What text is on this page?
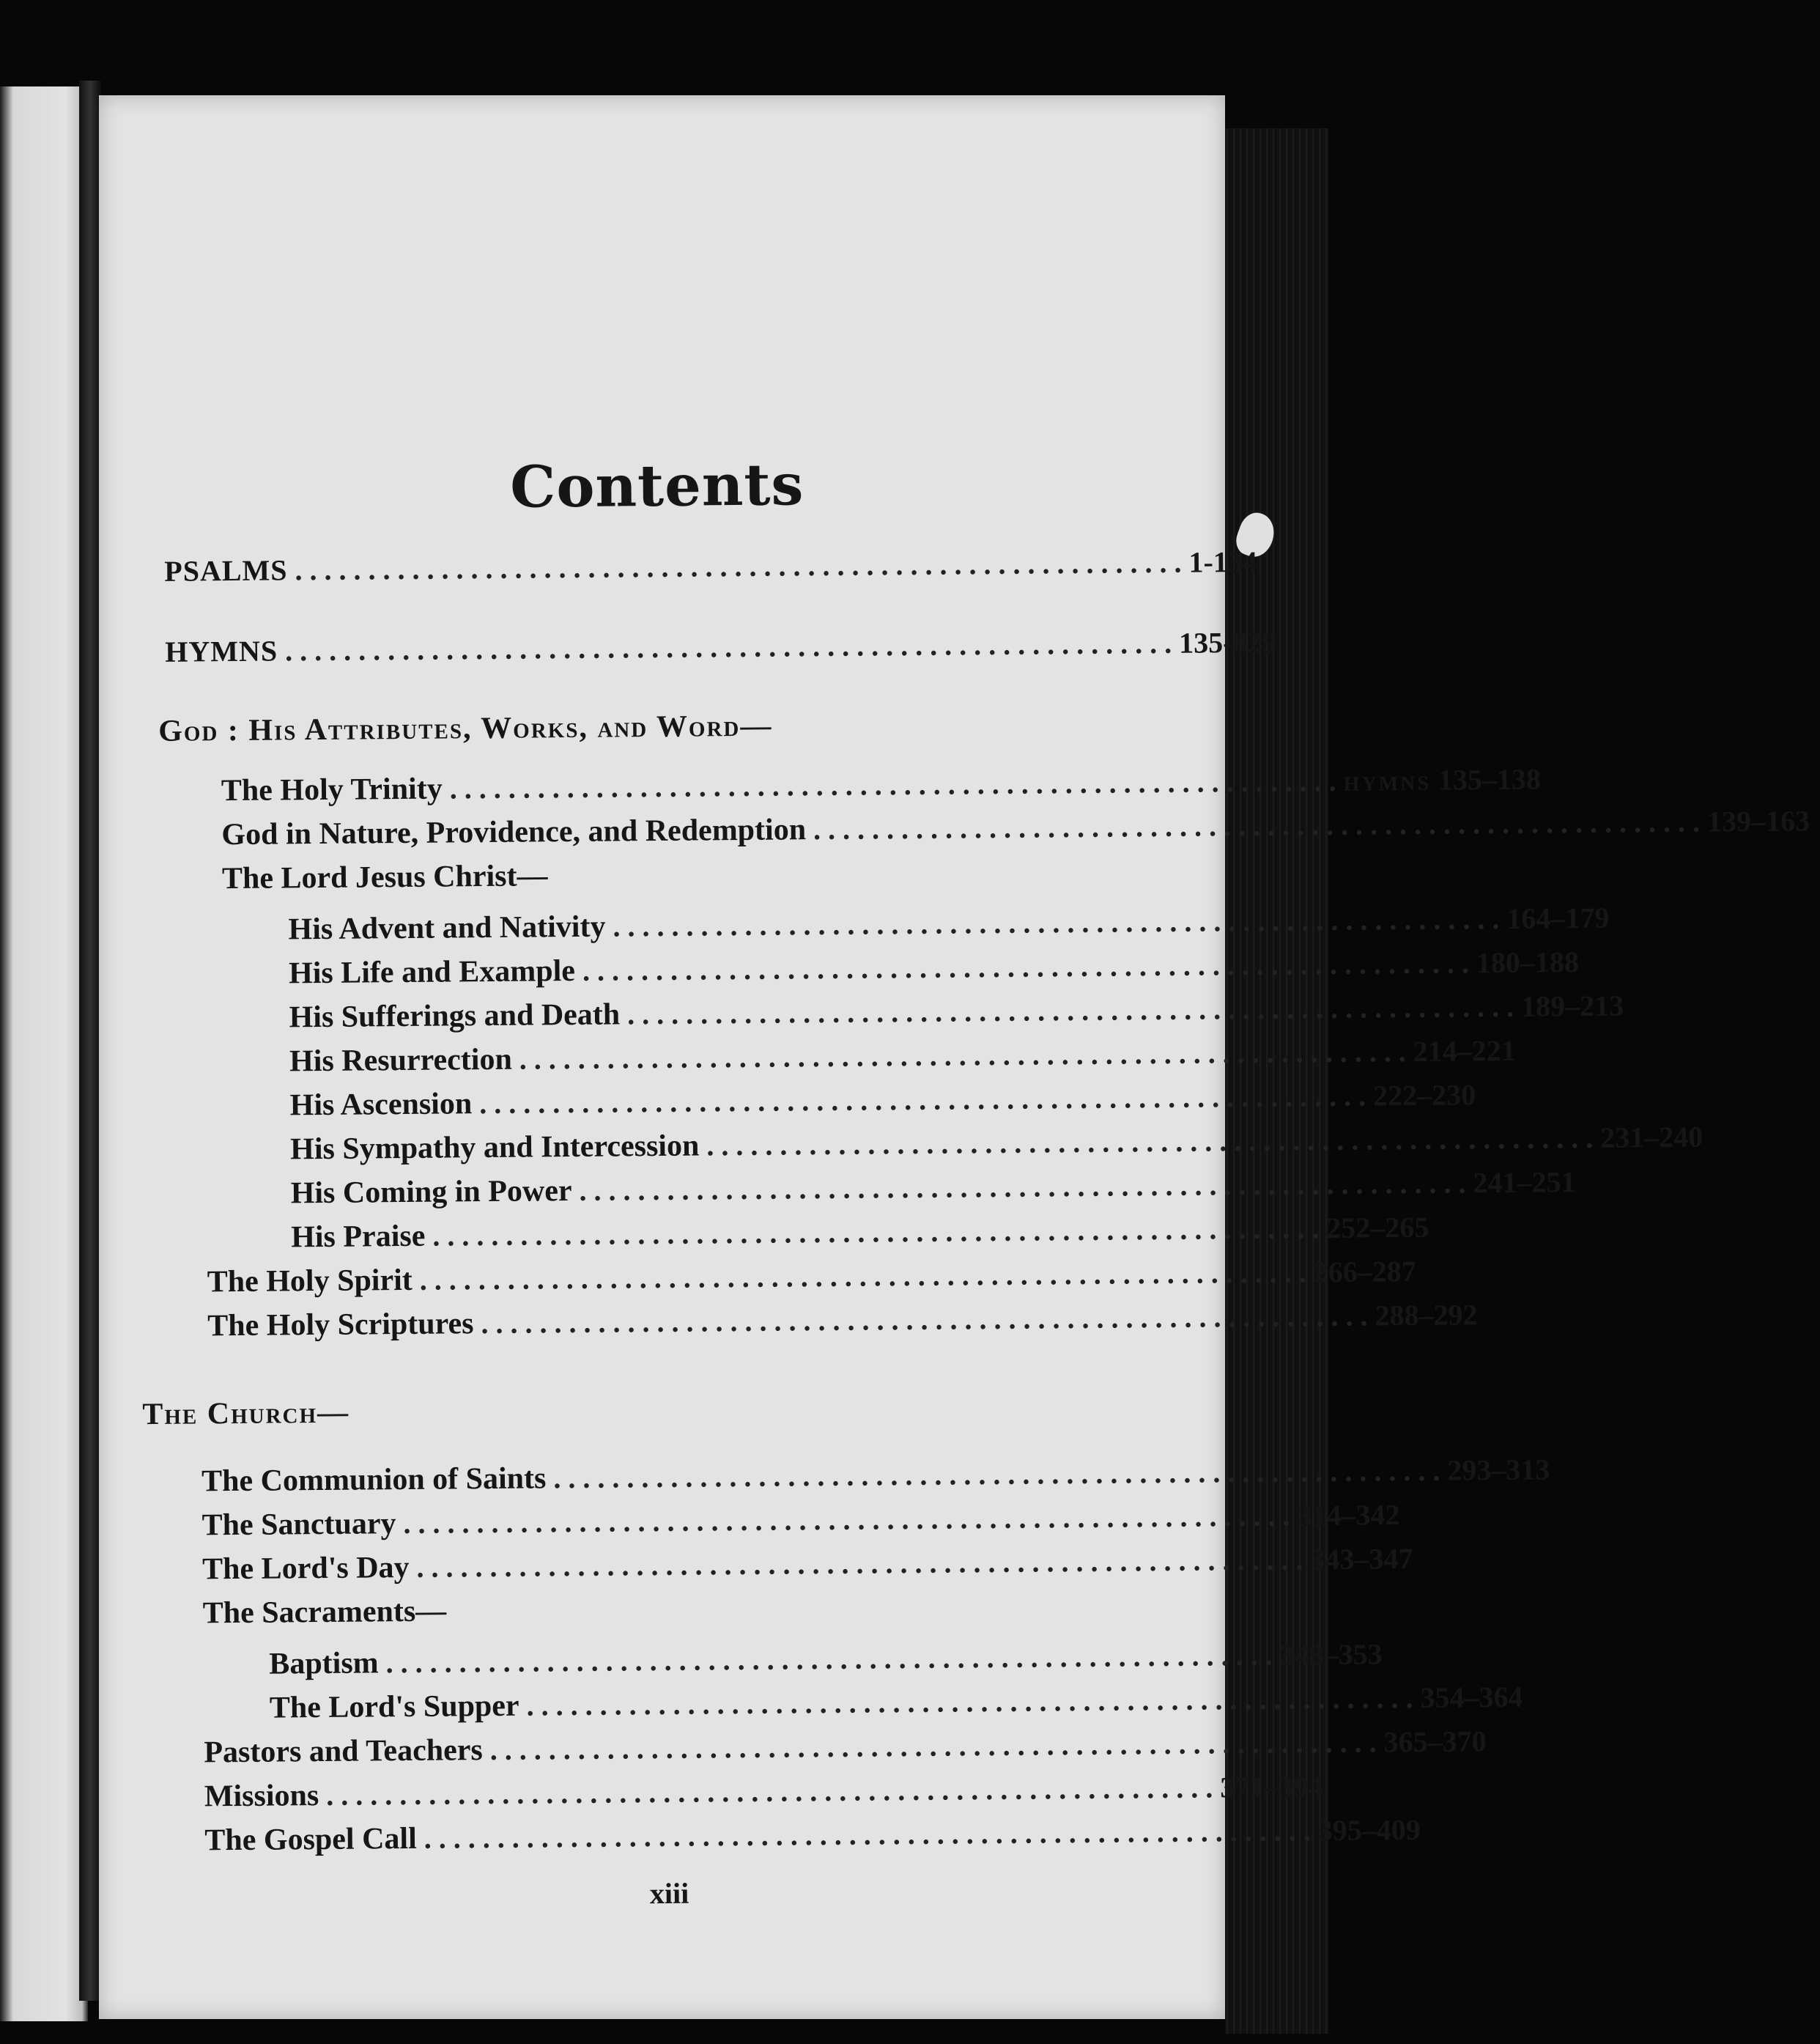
Contents
PSALMS . . . . . . . . . . . . . . . . . . . . . . . . . . . . . . . . . . . . . . . . . . . . . . . . . . . . . . . . . . . . . 1-134
HYMNS . . . . . . . . . . . . . . . . . . . . . . . . . . . . . . . . . . . . . . . . . . . . . . . . . . . . . . . . . . . . . 135-829
God : His Attributes, Works, and Word—
The Holy Trinity . . . . . . . . . . . . . . . . . . . . . . . . . . . . . . . . . . . . . . . . . . . . . . . . . . . . . . . . . . . . . HYMNS 135–138
God in Nature, Providence, and Redemption . . . . . . . . . . . . . . . . . . . . . . . . . . . . . . . . . . . . . . . . . . . . . . . . . . . . . . . . . . . . . 139–163
The Lord Jesus Christ—
His Advent and Nativity . . . . . . . . . . . . . . . . . . . . . . . . . . . . . . . . . . . . . . . . . . . . . . . . . . . . . . . . . . . . . 164–179
His Life and Example . . . . . . . . . . . . . . . . . . . . . . . . . . . . . . . . . . . . . . . . . . . . . . . . . . . . . . . . . . . . . 180–188
His Sufferings and Death . . . . . . . . . . . . . . . . . . . . . . . . . . . . . . . . . . . . . . . . . . . . . . . . . . . . . . . . . . . . . 189–213
His Resurrection . . . . . . . . . . . . . . . . . . . . . . . . . . . . . . . . . . . . . . . . . . . . . . . . . . . . . . . . . . . . . 214–221
His Ascension . . . . . . . . . . . . . . . . . . . . . . . . . . . . . . . . . . . . . . . . . . . . . . . . . . . . . . . . . . . . . 222–230
His Sympathy and Intercession . . . . . . . . . . . . . . . . . . . . . . . . . . . . . . . . . . . . . . . . . . . . . . . . . . . . . . . . . . . . . 231–240
His Coming in Power . . . . . . . . . . . . . . . . . . . . . . . . . . . . . . . . . . . . . . . . . . . . . . . . . . . . . . . . . . . . . 241–251
His Praise . . . . . . . . . . . . . . . . . . . . . . . . . . . . . . . . . . . . . . . . . . . . . . . . . . . . . . . . . . . . . 252–265
The Holy Spirit . . . . . . . . . . . . . . . . . . . . . . . . . . . . . . . . . . . . . . . . . . . . . . . . . . . . . . . . . . . . . 266–287
The Holy Scriptures . . . . . . . . . . . . . . . . . . . . . . . . . . . . . . . . . . . . . . . . . . . . . . . . . . . . . . . . . . . . . 288–292
The Church—
The Communion of Saints . . . . . . . . . . . . . . . . . . . . . . . . . . . . . . . . . . . . . . . . . . . . . . . . . . . . . . . . . . . . . 293–313
The Sanctuary . . . . . . . . . . . . . . . . . . . . . . . . . . . . . . . . . . . . . . . . . . . . . . . . . . . . . . . . . . . . . 314–342
The Lord's Day . . . . . . . . . . . . . . . . . . . . . . . . . . . . . . . . . . . . . . . . . . . . . . . . . . . . . . . . . . . . . 343–347
The Sacraments—
Baptism . . . . . . . . . . . . . . . . . . . . . . . . . . . . . . . . . . . . . . . . . . . . . . . . . . . . . . . . . . . . . 348–353
The Lord's Supper . . . . . . . . . . . . . . . . . . . . . . . . . . . . . . . . . . . . . . . . . . . . . . . . . . . . . . . . . . . . . 354–364
Pastors and Teachers . . . . . . . . . . . . . . . . . . . . . . . . . . . . . . . . . . . . . . . . . . . . . . . . . . . . . . . . . . . . . 365–370
Missions . . . . . . . . . . . . . . . . . . . . . . . . . . . . . . . . . . . . . . . . . . . . . . . . . . . . . . . . . . . . . 371–394
The Gospel Call . . . . . . . . . . . . . . . . . . . . . . . . . . . . . . . . . . . . . . . . . . . . . . . . . . . . . . . . . . . . . 395–409
xiii
